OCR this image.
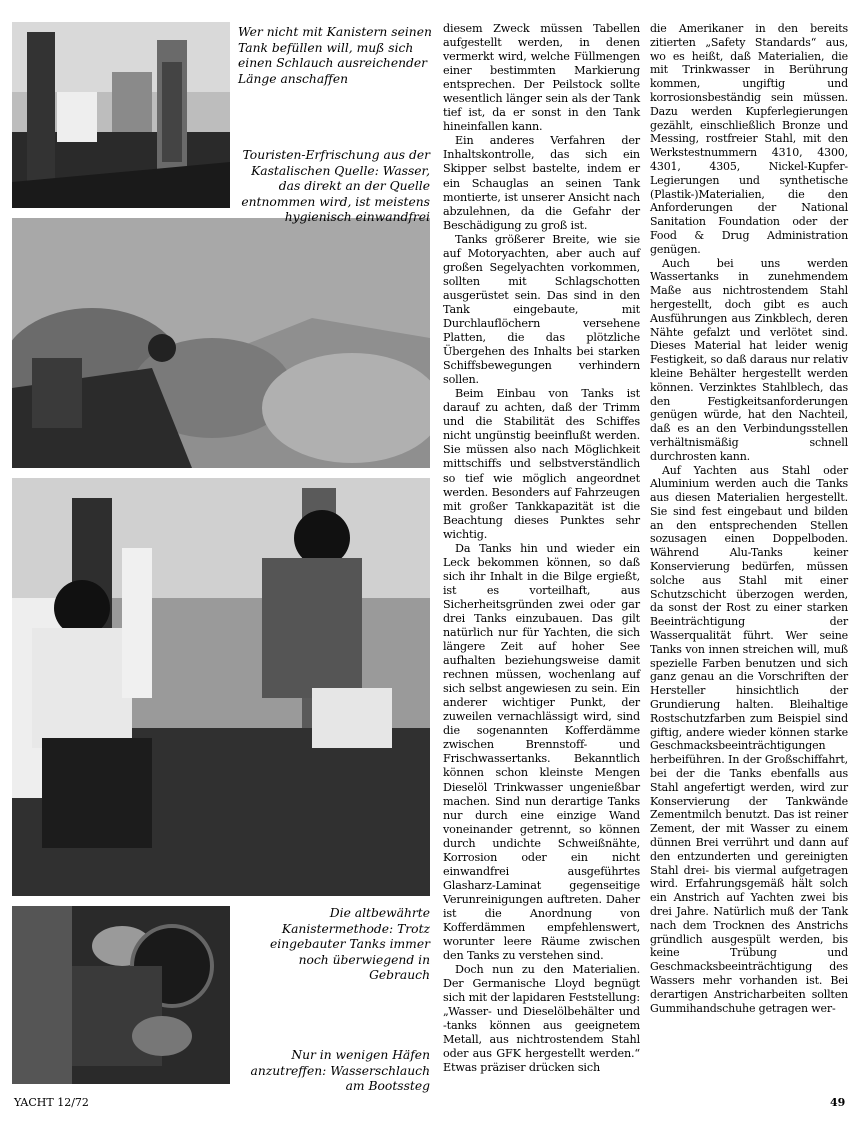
Wer nicht mit Kanistern seinen Tank befüllen will, muß sich einen Schlauch ausreichender Länge anschaffen
Touristen-Erfrischung aus der Kastalischen Quelle: Wasser, das direkt an der Quelle entnommen wird, ist meistens hygienisch einwandfrei
Die altbewährte Kanistermethode: Trotz eingebauter Tanks immer noch überwiegend in Gebrauch
Nur in wenigen Häfen anzutreffen: Wasserschlauch am Bootssteg

diesem Zweck müssen Tabellen aufgestellt werden, in denen vermerkt wird, welche Füllmengen einer bestimmten Markierung entsprechen. Der Peilstock sollte wesentlich länger sein als der Tank tief ist, da er sonst in den Tank hineinfallen kann.

Ein anderes Verfahren der Inhaltskontrolle, das sich ein Skipper selbst bastelte, indem er ein Schauglas an seinen Tank montierte, ist unserer Ansicht nach abzulehnen, da die Gefahr der Beschädigung zu groß ist.

Tanks größerer Breite, wie sie auf Motoryachten, aber auch auf großen Segelyachten vorkommen, sollten mit Schlagschotten ausgerüstet sein. Das sind in den Tank eingebaute, mit Durchlauflöchern versehene Platten, die das plötzliche Übergehen des Inhalts bei starken Schiffsbewegungen verhindern sollen.

Beim Einbau von Tanks ist darauf zu achten, daß der Trimm und die Stabilität des Schiffes nicht ungünstig beeinflußt werden. Sie müssen also nach Möglichkeit mittschiffs und selbstverständlich so tief wie möglich angeordnet werden. Besonders auf Fahrzeugen mit großer Tankkapazität ist die Beachtung dieses Punktes sehr wichtig.

Da Tanks hin und wieder ein Leck bekommen können, so daß sich ihr Inhalt in die Bilge ergießt, ist es vorteilhaft, aus Sicherheitsgründen zwei oder gar drei Tanks einzubauen. Das gilt natürlich nur für Yachten, die sich längere Zeit auf hoher See aufhalten beziehungsweise damit rechnen müssen, wochenlang auf sich selbst angewiesen zu sein. Ein anderer wichtiger Punkt, der zuweilen vernachlässigt wird, sind die sogenannten Kofferdämme zwischen Brennstoff- und Frischwassertanks. Bekanntlich können schon kleinste Mengen Dieselöl Trinkwasser ungenießbar machen. Sind nun derartige Tanks nur durch eine einzige Wand voneinander getrennt, so können durch undichte Schweißnähte, Korrosion oder ein nicht einwandfrei ausgeführtes Glasharz-Laminat gegenseitige Verunreinigungen auftreten. Daher ist die Anordnung von Kofferdämmen empfehlenswert, worunter leere Räume zwischen den Tanks zu verstehen sind.

Doch nun zu den Materialien. Der Germanische Lloyd begnügt sich mit der lapidaren Feststellung: „Wasser- und Dieselölbehälter und -tanks können aus geeignetem Metall, aus nichtrostendem Stahl oder aus GFK hergestellt werden.“ Etwas präziser drücken sich

die Amerikaner in den bereits zitierten „Safety Standards“ aus, wo es heißt, daß Materialien, die mit Trinkwasser in Berührung kommen, ungiftig und korrosionsbeständig sein müssen. Dazu werden Kupferlegierungen gezählt, einschließlich Bronze und Messing, rostfreier Stahl, mit den Werkstestnummern 4310, 4300, 4301, 4305, Nickel-Kupfer-Legierungen und synthetische (Plastik-)Materialien, die den Anforderungen der National Sanitation Foundation oder der Food & Drug Administration genügen.

Auch bei uns werden Wassertanks in zunehmendem Maße aus nichtrostendem Stahl hergestellt, doch gibt es auch Ausführungen aus Zinkblech, deren Nähte gefalzt und verlötet sind. Dieses Material hat leider wenig Festigkeit, so daß daraus nur relativ kleine Behälter hergestellt werden können. Verzinktes Stahlblech, das den Festigkeitsanforderungen genügen würde, hat den Nachteil, daß es an den Verbindungsstellen verhältnismäßig schnell durchrosten kann.

Auf Yachten aus Stahl oder Aluminium werden auch die Tanks aus diesen Materialien hergestellt. Sie sind fest eingebaut und bilden an den entsprechenden Stellen sozusagen einen Doppelboden. Während Alu-Tanks keiner Konservierung bedürfen, müssen solche aus Stahl mit einer Schutzschicht überzogen werden, da sonst der Rost zu einer starken Beeinträchtigung der Wasserqualität führt. Wer seine Tanks von innen streichen will, muß spezielle Farben benutzen und sich ganz genau an die Vorschriften der Hersteller hinsichtlich der Grundierung halten. Bleihaltige Rostschutzfarben zum Beispiel sind giftig, andere wieder können starke Geschmacksbeeinträchtigungen herbeiführen. In der Großschiffahrt, bei der die Tanks ebenfalls aus Stahl angefertigt werden, wird zur Konservierung der Tankwände Zementmilch benutzt. Das ist reiner Zement, der mit Wasser zu einem dünnen Brei verrührt und dann auf den entzunderten und gereinigten Stahl drei- bis viermal aufgetragen wird. Erfahrungsgemäß hält solch ein Anstrich auf Yachten zwei bis drei Jahre. Natürlich muß der Tank nach dem Trocknen des Anstrichs gründlich ausgespült werden, bis keine Trübung und Geschmacksbeeinträchtigung des Wassers mehr vorhanden ist. Bei derartigen Anstricharbeiten sollten Gummihandschuhe getragen wer-

YACHT 12/72	49
